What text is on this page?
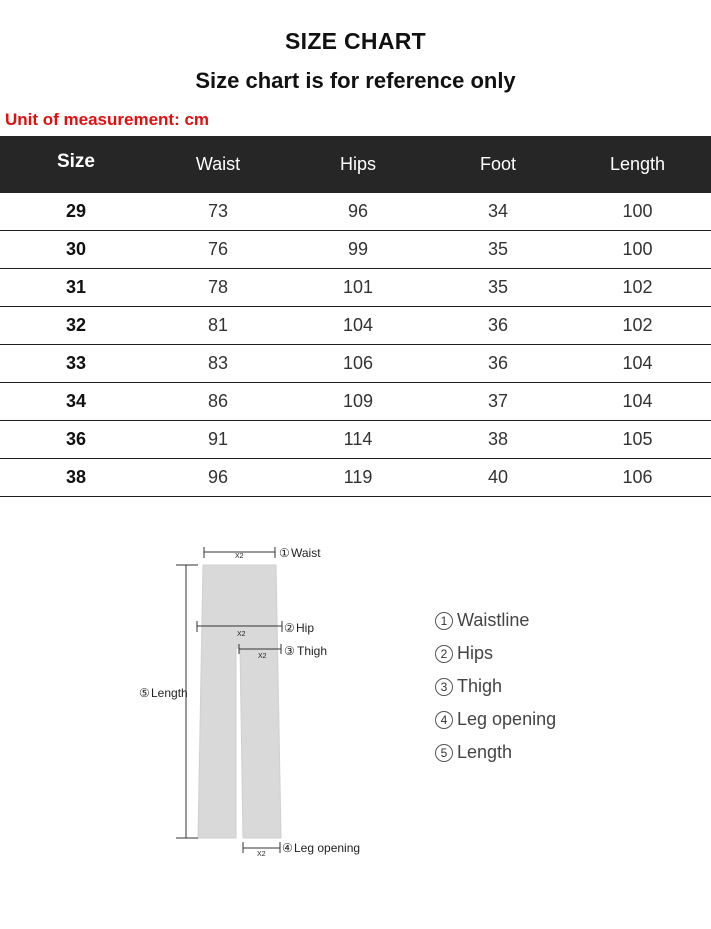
SIZE CHART
Size chart is for reference only
Unit of measurement: cm
Size	Waist	Hips	Foot	Length
29	73	96	34	100
30	76	99	35	100
31	78	101	35	102
32	81	104	36	102
33	83	106	36	104
34	86	109	37	104
36	91	114	38	105
38	96	119	40	106
X2	① Waist
X2	② Hip
X2 ③ Thigh
⑤ Length
X2 ④ Leg opening
1 Waistline
2 Hips
3 Thigh
4 Leg opening
5 Length
